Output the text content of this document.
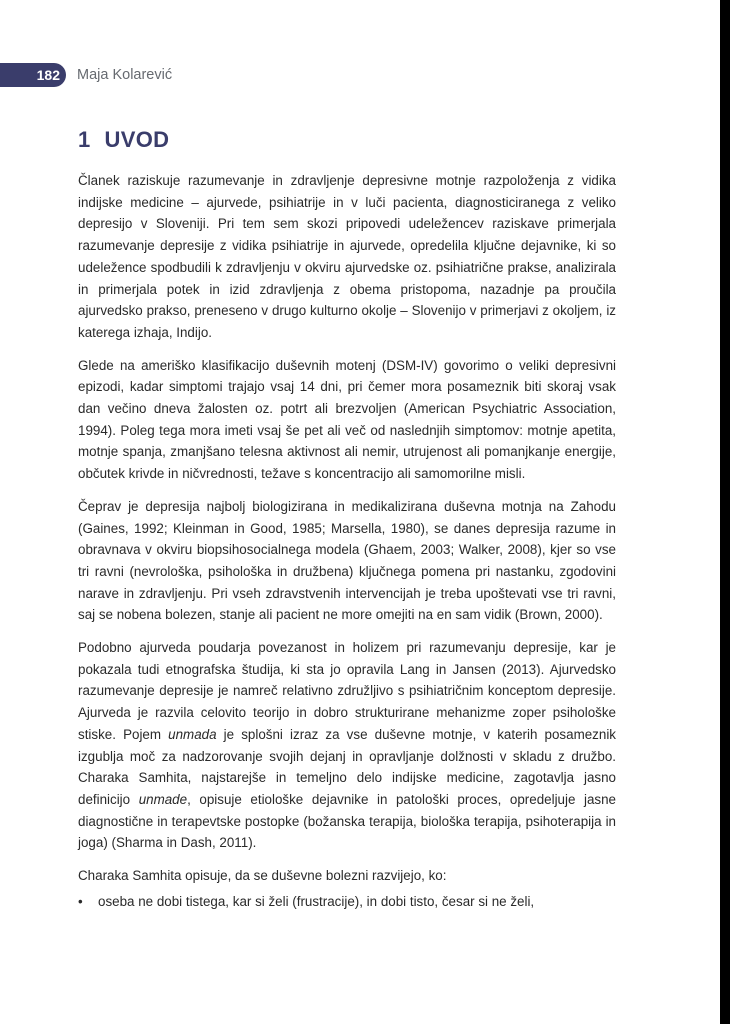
182	Maja Kolarević
1 UVOD

Članek raziskuje razumevanje in zdravljenje depresivne motnje razpoloženja z vidika indijske medicine – ajurvede, psihiatrije in v luči pacienta, diagnosticiranega z veliko depresijo v Sloveniji. Pri tem sem skozi pripovedi udeležencev raziskave primerjala razumevanje depresije z vidika psihiatrije in ajurvede, opredelila ključne dejavnike, ki so udeležence spodbudili k zdravljenju v okviru ajurvedske oz. psihiatrične prakse, analizirala in primerjala potek in izid zdravljenja z obema pristopoma, nazadnje pa proučila ajurvedsko prakso, preneseno v drugo kulturno okolje – Slovenijo v primerjavi z okoljem, iz katerega izhaja, Indijo.

Glede na ameriško klasifikacijo duševnih motenj (DSM-IV) govorimo o veliki depresivni epizodi, kadar simptomi trajajo vsaj 14 dni, pri čemer mora posameznik biti skoraj vsak dan večino dneva žalosten oz. potrt ali brezvoljen (American Psychiatric Association, 1994). Poleg tega mora imeti vsaj še pet ali več od naslednjih simptomov: motnje apetita, motnje spanja, zmanjšano telesna aktivnost ali nemir, utrujenost ali pomanjkanje energije, občutek krivde in ničvrednosti, težave s koncentracijo ali samomorilne misli.

Čeprav je depresija najbolj biologizirana in medikalizirana duševna motnja na Zahodu (Gaines, 1992; Kleinman in Good, 1985; Marsella, 1980), se danes depresija razume in obravnava v okviru biopsihosocialnega modela (Ghaem, 2003; Walker, 2008), kjer so vse tri ravni (nevrološka, psihološka in družbena) ključnega pomena pri nastanku, zgodovini narave in zdravljenju. Pri vseh zdravstvenih intervencijah je treba upoštevati vse tri ravni, saj se nobena bolezen, stanje ali pacient ne more omejiti na en sam vidik (Brown, 2000).

Podobno ajurveda poudarja povezanost in holizem pri razumevanju depresije, kar je pokazala tudi etnografska študija, ki sta jo opravila Lang in Jansen (2013). Ajurvedsko razumevanje depresije je namreč relativno združljivo s psihiatričnim konceptom depresije. Ajurveda je razvila celovito teorijo in dobro strukturirane mehanizme zoper psihološke stiske. Pojem unmada je splošni izraz za vse duševne motnje, v katerih posameznik izgublja moč za nadzorovanje svojih dejanj in opravljanje dolžnosti v skladu z družbo. Charaka Samhita, najstarejše in temeljno delo indijske medicine, zagotavlja jasno definicijo unmade, opisuje etiološke dejavnike in patološki proces, opredeljuje jasne diagnostične in terapevtske postopke (božanska terapija, biološka terapija, psihoterapija in joga) (Sharma in Dash, 2011).

Charaka Samhita opisuje, da se duševne bolezni razvijejo, ko:

• oseba ne dobi tistega, kar si želi (frustracije), in dobi tisto, česar si ne želi,
